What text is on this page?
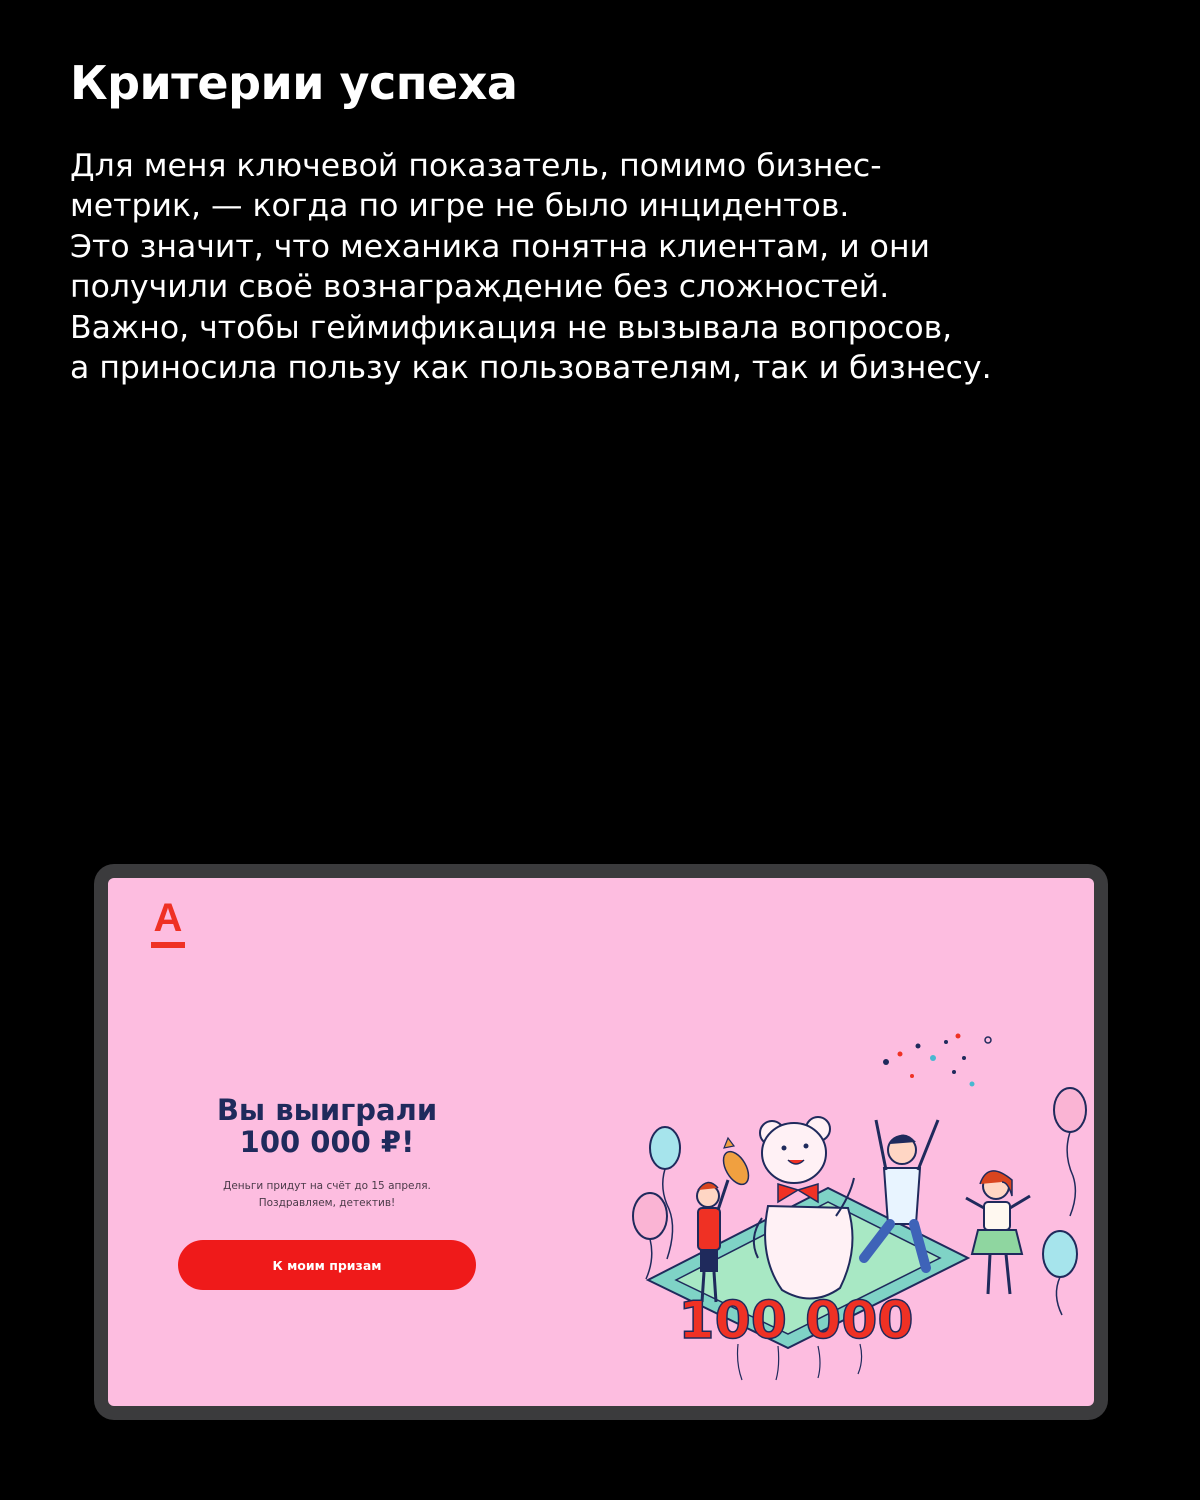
Критерии успеха

Для меня ключевой показатель, помимо бизнес-
метрик, — когда по игре не было инцидентов.
Это значит, что механика понятна клиентам, и они
получили своё вознаграждение без сложностей.
Важно, чтобы геймификация не вызывала вопросов,
а приносила пользу как пользователям, так и бизнесу.

А
Вы выиграли
100 000 ₽!

Деньги придут на счёт до 15 апреля.
Поздравляем, детектив!

К моим призам
100 000
